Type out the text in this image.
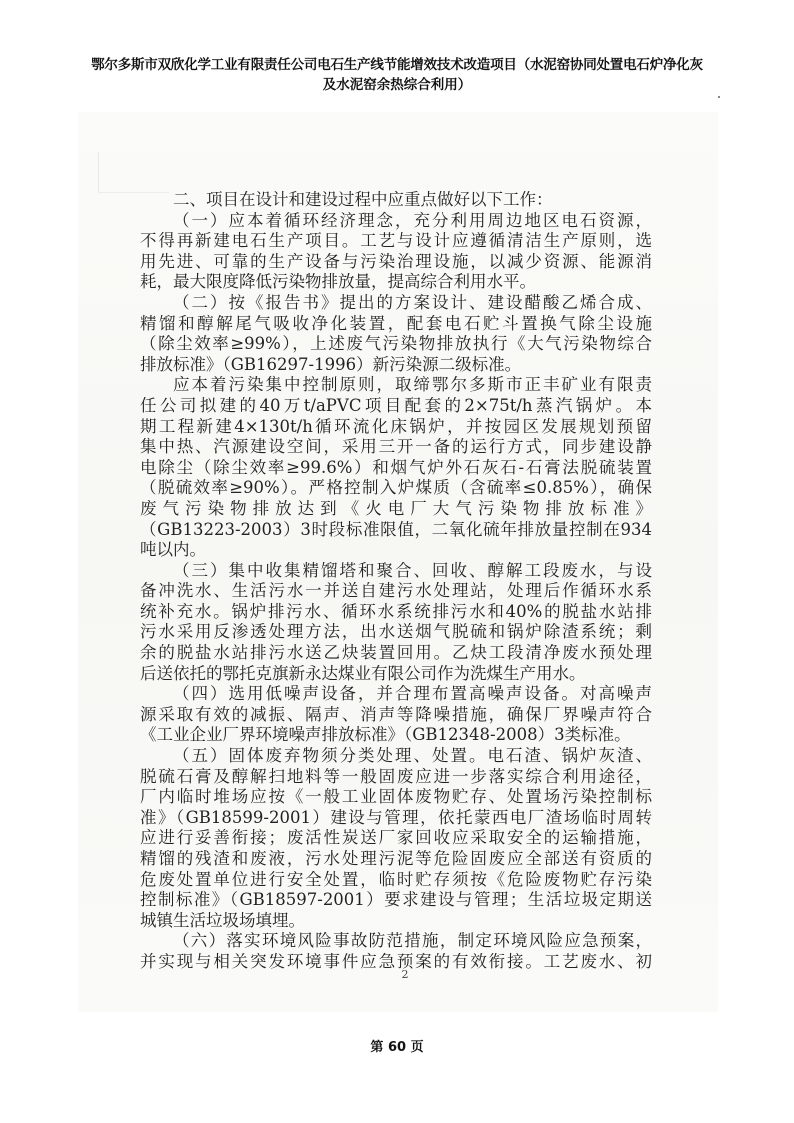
鄂尔多斯市双欣化学工业有限责任公司电石生产线节能增效技术改造项目（水泥窑协同处置电石炉净化灰
及水泥窑余热综合利用）
二、项目在设计和建设过程中应重点做好以下工作：
（一）应本着循环经济理念，充分利用周边地区电石资源，
不得再新建电石生产项目。工艺与设计应遵循清洁生产原则，选
用先进、可靠的生产设备与污染治理设施，以减少资源、能源消
耗，最大限度降低污染物排放量，提高综合利用水平。
（二）按《报告书》提出的方案设计、建设醋酸乙烯合成、
精馏和醇解尾气吸收净化装置，配套电石贮斗置换气除尘设施
（除尘效率≥99%），上述废气污染物排放执行《大气污染物综合
排放标准》（GB16297-1996）新污染源二级标准。
应本着污染集中控制原则，取缔鄂尔多斯市正丰矿业有限责
任公司拟建的40万t/aPVC项目配套的2×75t/h蒸汽锅炉。本
期工程新建4×130t/h循环流化床锅炉，并按园区发展规划预留
集中热、汽源建设空间，采用三开一备的运行方式，同步建设静
电除尘（除尘效率≥99.6%）和烟气炉外石灰石-石膏法脱硫装置
（脱硫效率≥90%）。严格控制入炉煤质（含硫率≤0.85%），确保
废气污染物排放达到《火电厂大气污染物排放标准》
（GB13223-2003）3时段标准限值，二氧化硫年排放量控制在934
吨以内。
（三）集中收集精馏塔和聚合、回收、醇解工段废水，与设
备冲洗水、生活污水一并送自建污水处理站，处理后作循环水系
统补充水。锅炉排污水、循环水系统排污水和40%的脱盐水站排
污水采用反渗透处理方法，出水送烟气脱硫和锅炉除渣系统；剩
余的脱盐水站排污水送乙炔装置回用。乙炔工段清净废水预处理
后送依托的鄂托克旗新永达煤业有限公司作为洗煤生产用水。
（四）选用低噪声设备，并合理布置高噪声设备。对高噪声
源采取有效的减振、隔声、消声等降噪措施，确保厂界噪声符合
《工业企业厂界环境噪声排放标准》（GB12348-2008）3类标准。
（五）固体废弃物须分类处理、处置。电石渣、锅炉灰渣、
脱硫石膏及醇解扫地料等一般固废应进一步落实综合利用途径，
厂内临时堆场应按《一般工业固体废物贮存、处置场污染控制标
准》（GB18599-2001）建设与管理，依托蒙西电厂渣场临时周转
应进行妥善衔接；废活性炭送厂家回收应采取安全的运输措施，
精馏的残渣和废液，污水处理污泥等危险固废应全部送有资质的
危废处置单位进行安全处置，临时贮存须按《危险废物贮存污染
控制标准》（GB18597-2001）要求建设与管理；生活垃圾定期送
城镇生活垃圾场填埋。
（六）落实环境风险事故防范措施，制定环境风险应急预案，
并实现与相关突发环境事件应急预案的有效衔接。工艺废水、初
2
第 60 页
